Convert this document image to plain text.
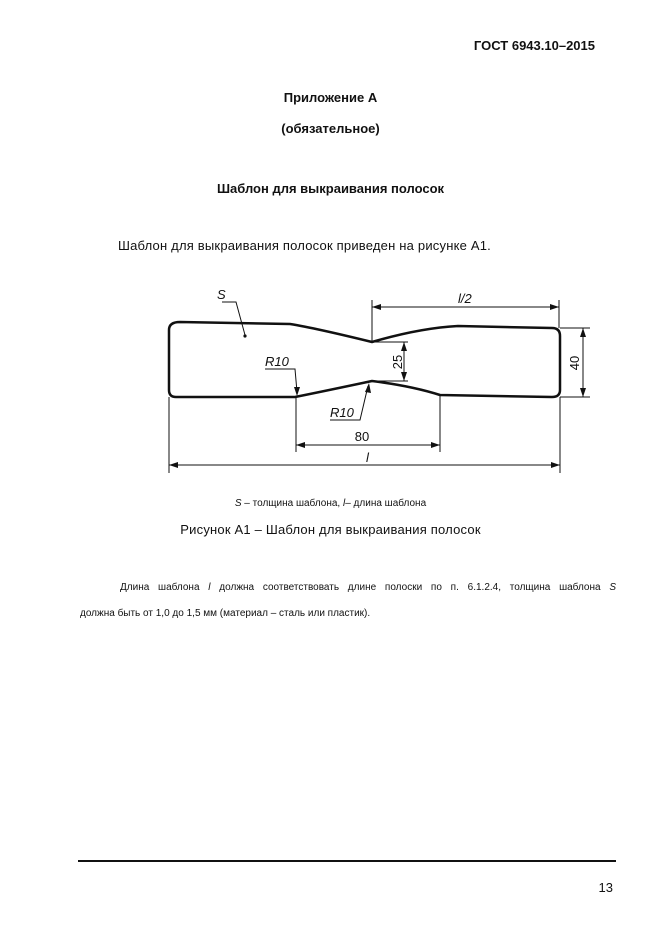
ГОСТ 6943.10–2015
Приложение А
(обязательное)
Шаблон для выкраивания полосок
Шаблон для выкраивания полосок приведен на рисунке А1.
S	l/2
R10
R10
80
l
25	40
S – толщина шаблона, l– длина шаблона
Рисунок А1 – Шаблон для выкраивания полосок
Длина шаблона l должна соответствовать длине полоски по п. 6.1.2.4, толщина шаблона S
должна быть от 1,0 до 1,5 мм (материал – сталь или пластик).
13
